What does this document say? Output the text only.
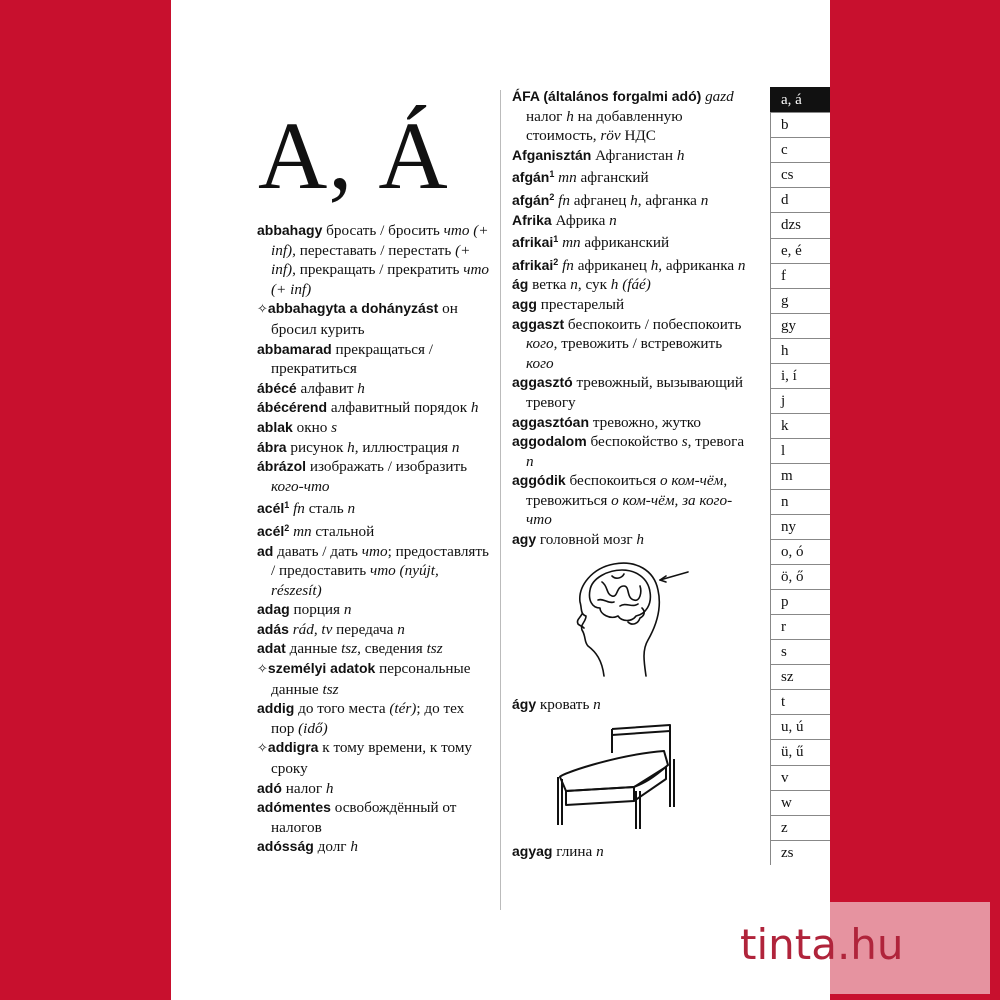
A, Á

abbahagy бросать / бросить что (+ inf), переставать / перестать (+ inf), прекращать / прекратить что (+ inf)

✧abbahagyta a dohányzást он бросил курить

abbamarad прекращаться / прекратиться

ábécé алфавит h

ábécérend алфавитный порядок h

ablak окно s

ábra рисунок h, иллюстрация n

ábrázol изображать / изобразить кого-что

acél$^1$ fn сталь n

acél$^2$ mn стальной

ad давать / дать что; предоставлять / предоставить что (nyújt, részesít)

adag порция n

adás rád, tv передача n

adat данные tsz, сведения tsz

✧személyi adatok персональные данные tsz

addig до того места (tér); до тех пор (idő)

✧addigra к тому времени, к тому сроку

adó налог h

adómentes освобождённый от налогов

adósság долг h

ÁFA (általános forgalmi adó) gazd налог h на добавленную стоимость, röv НДС

Afganisztán Афганистан h

afgán$^1$ mn афганский

afgán$^2$ fn афганец h, афганка n

Afrika Африка n

afrikai$^1$ mn африканский

afrikai$^2$ fn африканец h, африканка n

ág ветка n, сук h (fáé)

agg престарелый

aggaszt беспокоить / побеспокоить кого, тревожить / встревожить кого

aggasztó тревожный, вызывающий тревогу

aggasztóan тревожно, жутко

aggodalom беспокойство s, тревога n

aggódik беспокоиться о ком-чём, тревожиться о ком-чём, за кого-что

agy головной мозг h

ágy кровать n

agyag глина n

a, á
b
c
cs
d
dzs
e, é
f
g
gy
h
i, í
j
k
l
m
n
ny
o, ó
ö, ő
p
r
s
sz
t
u, ú
ü, ű
v
w
z
zs
tinta.hu
